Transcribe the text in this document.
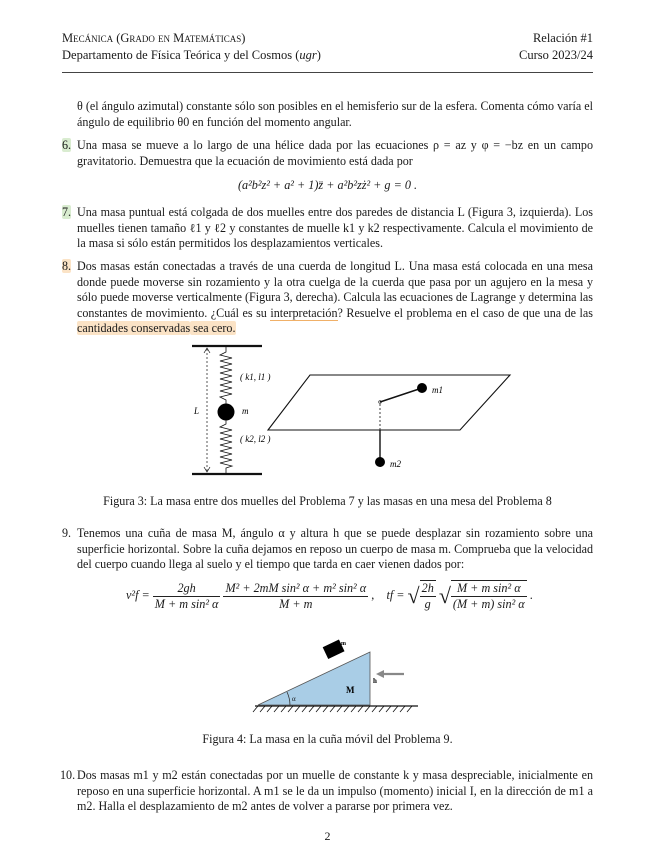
Mecánica (Grado en Matemáticas)
Departamento de Física Teórica y del Cosmos (ugr)
Relación #1
Curso 2023/24
θ (el ángulo azimutal) constante sólo son posibles en el hemisferio sur de la esfera. Comenta cómo varía el ángulo de equilibrio θ0 en función del momento angular.
6. Una masa se mueve a lo largo de una hélice dada por las ecuaciones ρ = az y φ = −bz en un campo gravitatorio. Demuestra que la ecuación de movimiento está dada por
(a²b²z² + a² + 1)z̈ + a²b²zż² + g = 0 .
7. Una masa puntual está colgada de dos muelles entre dos paredes de distancia L (Figura 3, izquierda). Los muelles tienen tamaño ℓ1 y ℓ2 y constantes de muelle k1 y k2 respectivamente. Calcula el movimiento de la masa si sólo están permitidos los desplazamientos verticales.
8. Dos masas están conectadas a través de una cuerda de longitud L. Una masa está colocada en una mesa donde puede moverse sin rozamiento y la otra cuelga de la cuerda que pasa por un agujero en la mesa y sólo puede moverse verticalmente (Figura 3, derecha). Calcula las ecuaciones de Lagrange y determina las constantes de movimiento. ¿Cuál es su interpretación? Resuelve el problema en el caso de que una de las cantidades conservadas sea cero.
( k1, l1 )
L	m
( k2, l2 )
m1
m2
Figura 3: La masa entre dos muelles del Problema 7 y las masas en una mesa del Problema 8
9. Tenemos una cuña de masa M, ángulo α y altura h que se puede desplazar sin rozamiento sobre una superficie horizontal. Sobre la cuña dejamos en reposo un cuerpo de masa m. Comprueba que la velocidad del cuerpo cuando llega al suelo y el tiempo que tarda en caer vienen dados por:
$v^2f = \frac{2gh}{\text{M + m sin² α}}$
$\frac{\text{M² + 2mM sin² α + m² sin² α}}{M + m}$ ,    tf = √ $\frac{2h}{g}$ √ $\frac{\text{M + m sin² α}}{\text{(M + m) sin² α}}$ .
α
M
h
m
Figura 4: La masa en la cuña móvil del Problema 9.
10. Dos masas m1 y m2 están conectadas por un muelle de constante k y masa despreciable, inicialmente en reposo en una superficie horizontal. A m1 se le da un impulso (momento) inicial I, en la dirección de m1 a m2. Halla el desplazamiento de m2 antes de volver a pararse por primera vez.
2
